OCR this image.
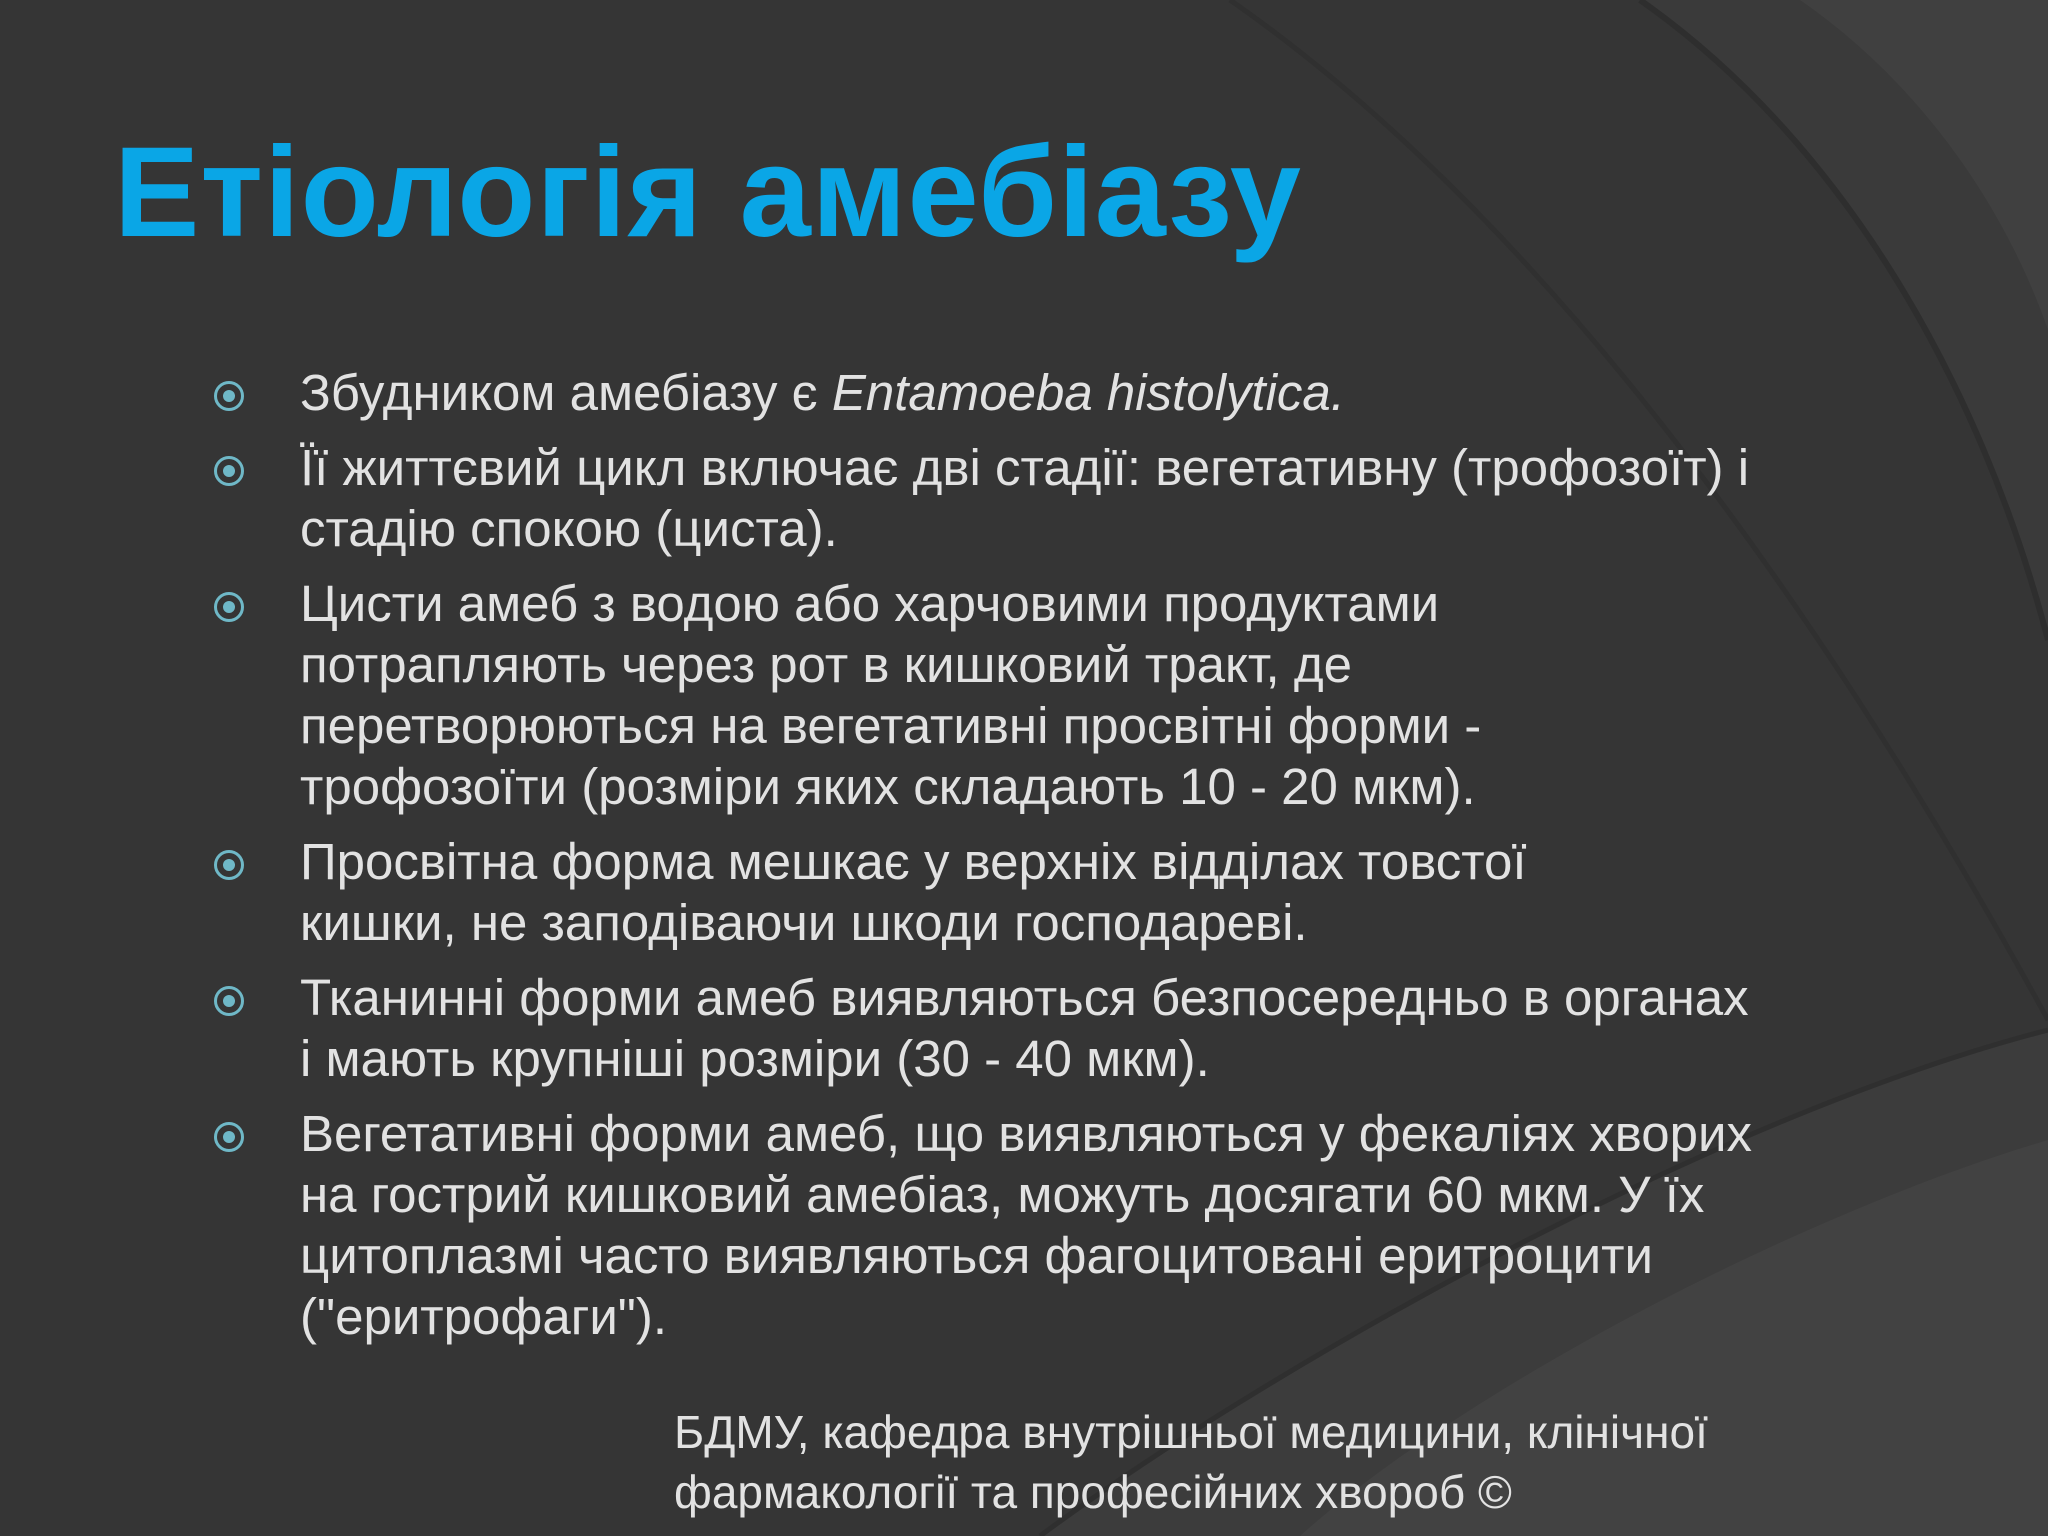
Етіологія амебіазу
Збудником амебіазу є Entamoeba histolytica.
Її життєвий цикл включає дві стадії: вегетативну (трофозоїт) і
стадію спокою (циста).
Цисти амеб з водою або харчовими продуктами
потрапляють через рот в кишковий тракт, де
перетворюються на вегетативні просвітні форми -
трофозоїти (розміри яких складають 10 - 20 мкм).
Просвітна форма мешкає у верхніх відділах товстої
кишки, не заподіваючи шкоди господареві.
Тканинні форми амеб виявляються безпосередньо в органах
і мають крупніші розміри (30 - 40 мкм).
Вегетативні форми амеб, що виявляються у фекаліях хворих
на гострий кишковий амебіаз, можуть досягати 60 мкм. У їх
цитоплазмі часто виявляються фагоцитовані еритроцити
("еритрофаги").

БДМУ, кафедра внутрішньої медицини, клінічної
фармакології та професійних хвороб ©
